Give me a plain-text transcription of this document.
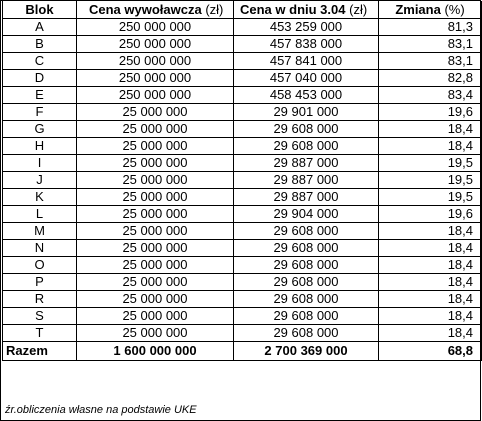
Blok	Cena wywoławcza (zł)	Cena w dniu 3.04 (zł)	Zmiana (%)
A	250 000 000	453 259 000	81,3
B	250 000 000	457 838 000	83,1
C	250 000 000	457 841 000	83,1
D	250 000 000	457 040 000	82,8
E	250 000 000	458 453 000	83,4
F	25 000 000	29 901 000	19,6
G	25 000 000	29 608 000	18,4
H	25 000 000	29 608 000	18,4
I	25 000 000	29 887 000	19,5
J	25 000 000	29 887 000	19,5
K	25 000 000	29 887 000	19,5
L	25 000 000	29 904 000	19,6
M	25 000 000	29 608 000	18,4
N	25 000 000	29 608 000	18,4
O	25 000 000	29 608 000	18,4
P	25 000 000	29 608 000	18,4
R	25 000 000	29 608 000	18,4
S	25 000 000	29 608 000	18,4
T	25 000 000	29 608 000	18,4
Razem	1 600 000 000	2 700 369 000	68,8
źr.obliczenia własne na podstawie UKE
